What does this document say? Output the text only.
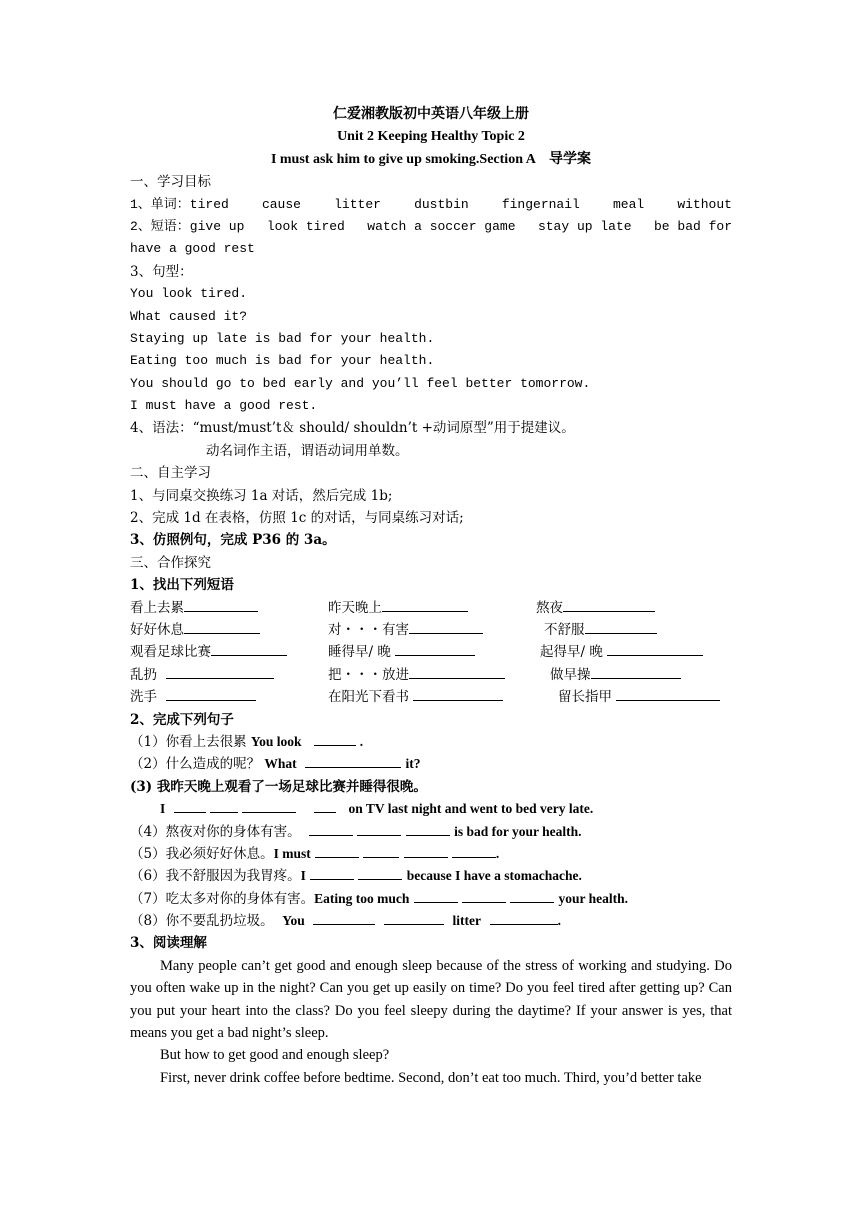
仁爱湘教版初中英语八年级上册
Unit 2 Keeping Healthy Topic 2
I must ask him to give up smoking.Section A　导学案
一、学习目标
1、单词：tired	cause	litter	dustbin	fingernail	meal	without
2、短语：give up look tired watch a soccer game stay up late be bad for
have a good rest
3、句型：
You look tired.
What caused it?
Staying up late is bad for your health.
Eating too much is bad for your health.
You should go to bed early and you’ll feel better tomorrow.
I must have a good rest.
4、语法：“must/must’t＆ should/ shouldn’t +动词原型”用于提建议。
动名词作主语，谓语动词用单数。
二、自主学习
1、与同桌交换练习 1a 对话，然后完成 1b;
2、完成 1d 在表格，仿照 1c 的对话，与同桌练习对话;
3、仿照例句，完成 P36 的 3a。
三、合作探究
1、找出下列短语
看上去累	昨天晚上	熬夜
好好休息	对・・・有害	不舒服
观看足球比赛	睡得早/ 晚	起得早/ 晚
乱扔	把・・・放进	做早操
洗手	在阳光下看书	留长指甲
2、完成下列句子
（1）你看上去很累 You look	.
（2）什么造成的呢？ What	it?
(3) 我昨天晚上观看了一场足球比赛并睡得很晚。
I	on TV last night and went to bed very late.
（4）熬夜对你的身体有害。	is bad for your health.
（5）我必须好好休息。I must	.
（6）我不舒服因为我胃疼。I	because I have a stomachache.
（7）吃太多对你的身体有害。Eating too much	your health.
（8）你不要乱扔垃圾。 You	litter	.
3、阅读理解
Many people can’t get good and enough sleep because of the stress of working and studying. Do you often wake up in the night? Can you get up easily on time? Do you feel tired after getting up? Can you put your heart into the class? Do you feel sleepy during the daytime? If your answer is yes, that means you get a bad night’s sleep.
But how to get good and enough sleep?
First, never drink coffee before bedtime. Second, don’t eat too much. Third, you’d better take
